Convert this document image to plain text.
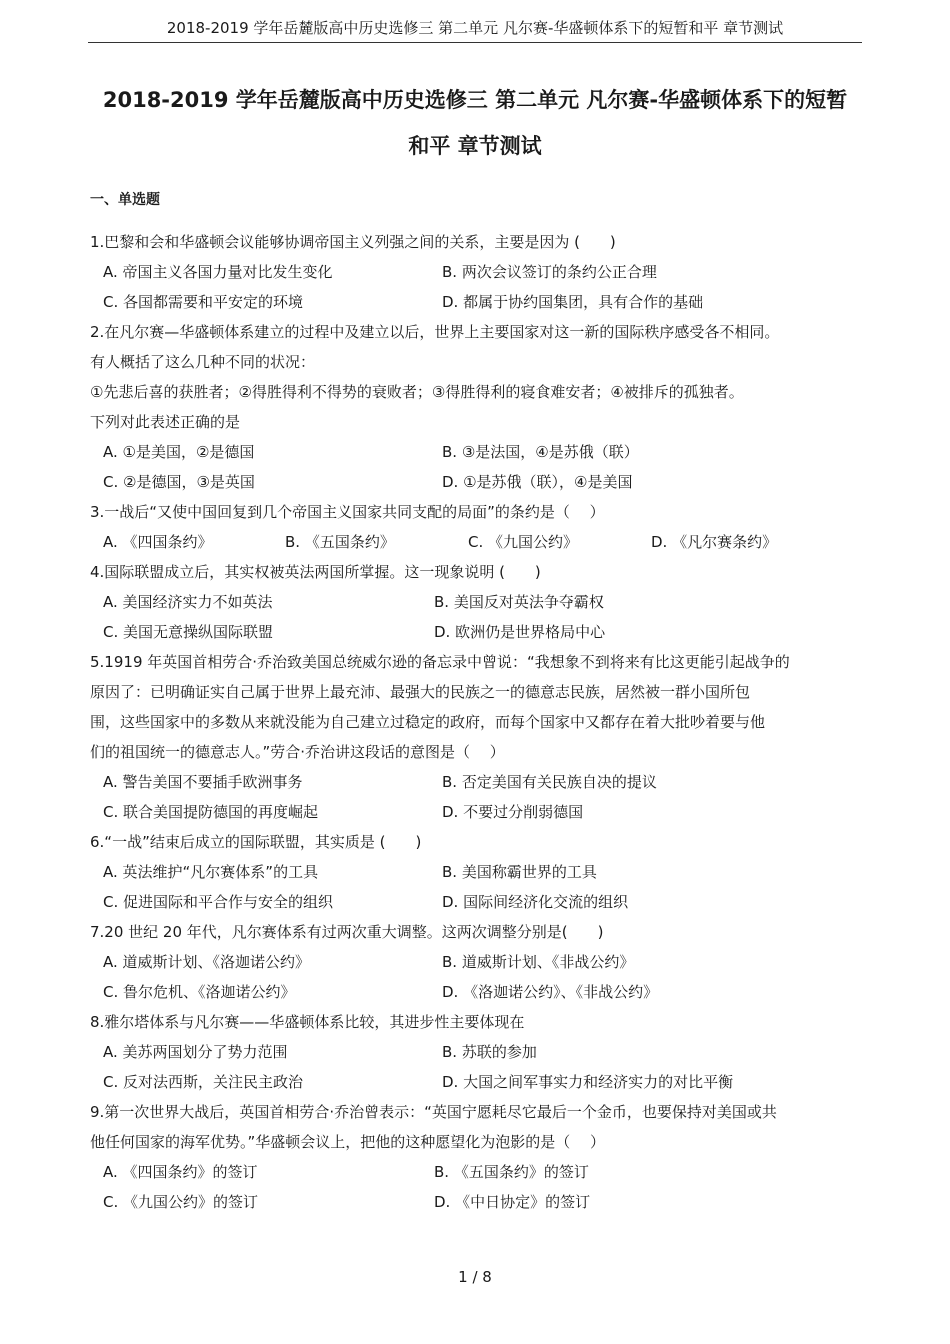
2018-2019 学年岳麓版高中历史选修三 第二单元 凡尔赛-华盛顿体系下的短暂和平 章节测试
2018-2019 学年岳麓版高中历史选修三 第二单元 凡尔赛-华盛顿体系下的短暂
和平 章节测试
一、单选题
1.巴黎和会和华盛顿会议能够协调帝国主义列强之间的关系，主要是因为 (　　)
A. 帝国主义各国力量对比发生变化	B. 两次会议签订的条约公正合理
C. 各国都需要和平安定的环境	D. 都属于协约国集团，具有合作的基础
2.在凡尔赛—华盛顿体系建立的过程中及建立以后，世界上主要国家对这一新的国际秩序感受各不相同。
有人概括了这么几种不同的状况：
①先悲后喜的获胜者；②得胜得利不得势的衰败者；③得胜得利的寝食难安者；④被排斥的孤独者。
下列对此表述正确的是
A. ①是美国，②是德国	B. ③是法国，④是苏俄（联）
C. ②是德国，③是英国	D. ①是苏俄（联），④是美国
3.一战后“又使中国回复到几个帝国主义国家共同支配的局面”的条约是（　 ）
A. 《四国条约》	B. 《五国条约》	C. 《九国公约》	D. 《凡尔赛条约》
4.国际联盟成立后，其实权被英法两国所掌握。这一现象说明 (　　)
A. 美国经济实力不如英法	B. 美国反对英法争夺霸权
C. 美国无意操纵国际联盟	D. 欧洲仍是世界格局中心
5.1919 年英国首相劳合·乔治致美国总统威尔逊的备忘录中曾说：“我想象不到将来有比这更能引起战争的
原因了：已明确证实自己属于世界上最充沛、最强大的民族之一的德意志民族，居然被一群小国所包
围，这些国家中的多数从来就没能为自己建立过稳定的政府，而每个国家中又都存在着大批吵着要与他
们的祖国统一的德意志人。”劳合·乔治讲这段话的意图是（　 ）
A. 警告美国不要插手欧洲事务	B. 否定美国有关民族自决的提议
C. 联合美国提防德国的再度崛起	D. 不要过分削弱德国
6.“一战”结束后成立的国际联盟，其实质是 (　　)
A. 英法维护“凡尔赛体系”的工具	B. 美国称霸世界的工具
C. 促进国际和平合作与安全的组织	D. 国际间经济化交流的组织
7.20 世纪 20 年代，凡尔赛体系有过两次重大调整。这两次调整分别是(　　)
A. 道威斯计划、《洛迦诺公约》	B. 道威斯计划、《非战公约》
C. 鲁尔危机、《洛迦诺公约》	D. 《洛迦诺公约》、《非战公约》
8.雅尔塔体系与凡尔赛——华盛顿体系比较，其进步性主要体现在
A. 美苏两国划分了势力范围	B. 苏联的参加
C. 反对法西斯，关注民主政治	D. 大国之间军事实力和经济实力的对比平衡
9.第一次世界大战后，英国首相劳合·乔治曾表示：“英国宁愿耗尽它最后一个金币，也要保持对美国或共
他任何国家的海军优势。”华盛顿会议上，把他的这种愿望化为泡影的是（　 ）
A. 《四国条约》的签订	B. 《五国条约》的签订
C. 《九国公约》的签订	D. 《中日协定》的签订
1 / 8
